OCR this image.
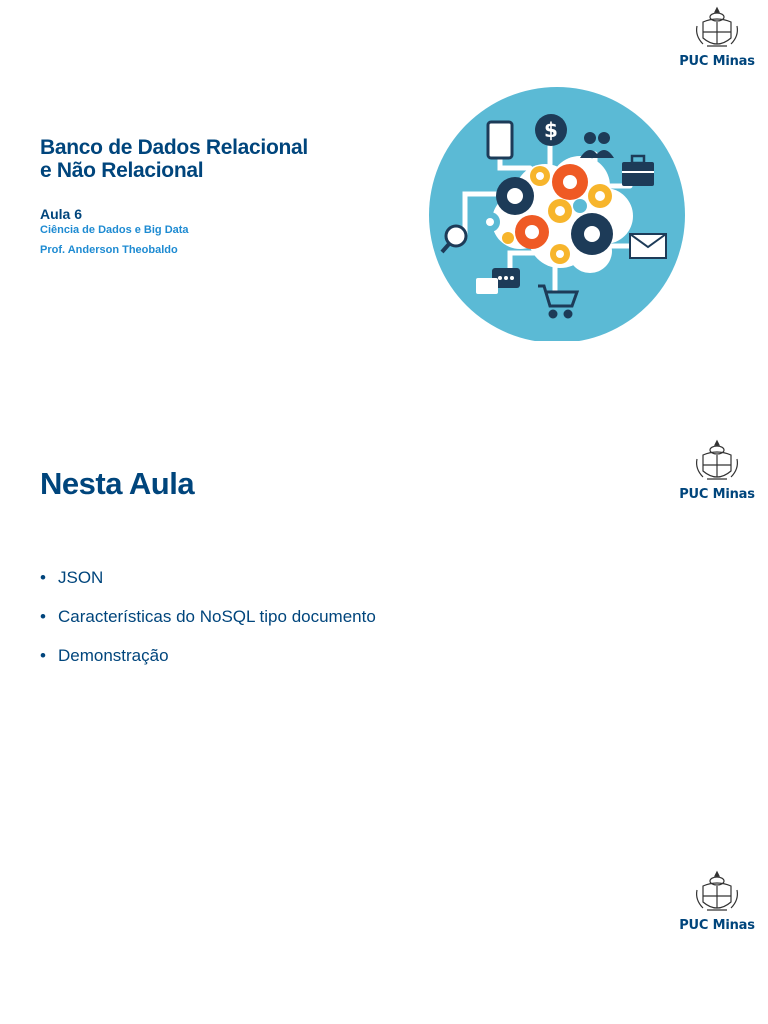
PUC Minas
Banco de Dados Relacional
e Não Relacional
Aula 6
Ciência de Dados e Big Data
Prof. Anderson Theobaldo
$
PUC Minas
Nesta Aula
• JSON
• Características do NoSQL tipo documento
• Demonstração
PUC Minas
